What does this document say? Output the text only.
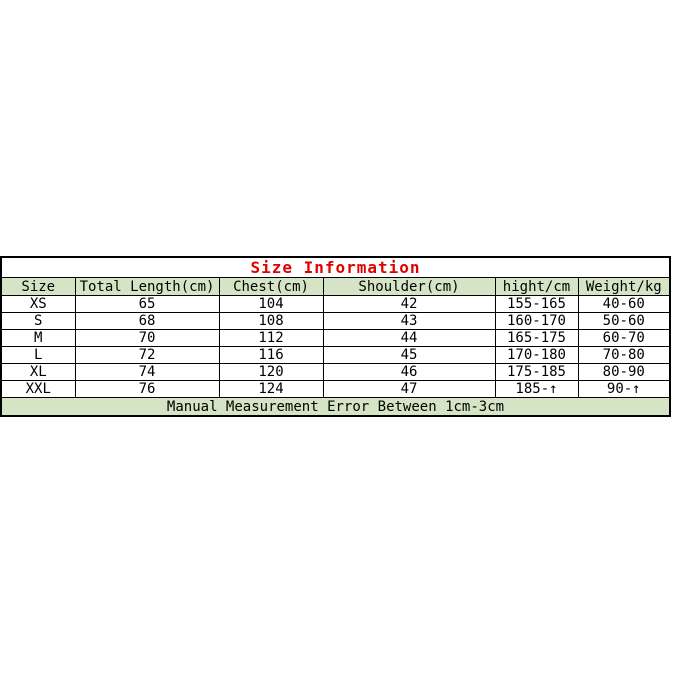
Size Information					
Size	Total Length(cm)	Chest(cm)	Shoulder(cm)	hight/cm	Weight/kg
XS	65	104	42	155-165	40-60
S	68	108	43	160-170	50-60
M	70	112	44	165-175	60-70
L	72	116	45	170-180	70-80
XL	74	120	46	175-185	80-90
XXL	76	124	47	185-↑	90-↑
Manual Measurement Error Between 1cm-3cm					
